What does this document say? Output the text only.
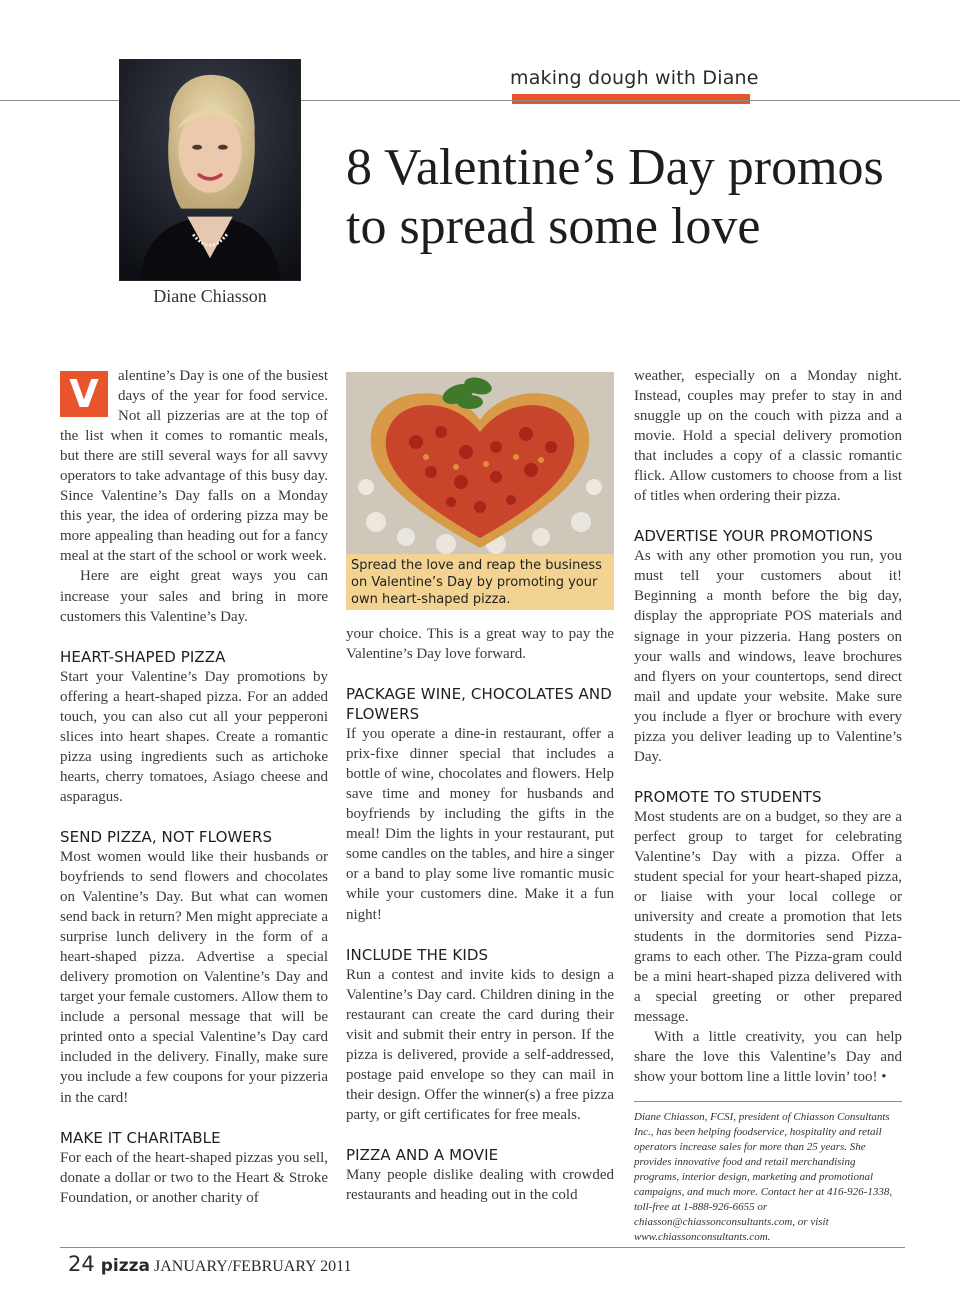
making dough with Diane
Diane Chiasson
8 Valentine’s Day promos to spread some love

V	alentine’s Day is one of the busiest days of the year for food service. Not all pizzerias are at the top of the list when it comes to romantic meals, but there are still several ways for all savvy operators to take advantage of this busy day. Since Valentine’s Day falls on a Monday this year, the idea of ordering pizza may be more appealing than heading out for a fancy meal at the start of the school or work week.

Here are eight great ways you can increase your sales and bring in more customers this Valentine’s Day.

HEART-SHAPED PIZZA

Start your Valentine’s Day promotions by offering a heart-shaped pizza. For an added touch, you can also cut all your pepperoni slices into heart shapes. Create a romantic pizza using ingredients such as artichoke hearts, cherry tomatoes, Asiago cheese and asparagus.

SEND PIZZA, NOT FLOWERS

Most women would like their husbands or boyfriends to send flowers and chocolates on Valentine’s Day. But what can women send back in return? Men might appreciate a surprise lunch delivery in the form of a heart-shaped pizza. Advertise a special delivery promotion on Valentine’s Day and target your female customers. Allow them to include a personal message that will be printed onto a special Valentine’s Day card included in the delivery. Finally, make sure you include a few coupons for your pizzeria in the card!

MAKE IT CHARITABLE

For each of the heart-shaped pizzas you sell, donate a dollar or two to the Heart & Stroke Foundation, or another charity of

Spread the love and reap the business on Valentine’s Day by promoting your own heart-shaped pizza.

your choice. This is a great way to pay the Valentine’s Day love forward.

PACKAGE WINE, CHOCOLATES AND FLOWERS

If you operate a dine-in restaurant, offer a prix-fixe dinner special that includes a bottle of wine, chocolates and flowers. Help save time and money for husbands and boyfriends by including the gifts in the meal! Dim the lights in your restaurant, put some candles on the tables, and hire a singer or a band to play some live romantic music while your customers dine. Make it a fun night!

INCLUDE THE KIDS

Run a contest and invite kids to design a Valentine’s Day card. Children dining in the restaurant can create the card during their visit and submit their entry in person. If the pizza is delivered, provide a self-addressed, postage paid envelope so they can mail in their design. Offer the winner(s) a free pizza party, or gift certificates for free meals.

PIZZA AND A MOVIE

Many people dislike dealing with crowded restaurants and heading out in the cold

weather, especially on a Monday night. Instead, couples may prefer to stay in and snuggle up on the couch with pizza and a movie. Hold a special delivery promotion that includes a copy of a classic romantic flick. Allow customers to choose from a list of titles when ordering their pizza.

ADVERTISE YOUR PROMOTIONS

As with any other promotion you run, you must tell your customers about it! Beginning a month before the big day, display the appropriate POS materials and signage in your pizzeria. Hang posters on your walls and windows, leave brochures and flyers on your countertops, send direct mail and update your website. Make sure you include a flyer or brochure with every pizza you deliver leading up to Valentine’s Day.

PROMOTE TO STUDENTS

Most students are on a budget, so they are a perfect group to target for celebrating Valentine’s Day with a pizza. Offer a student special for your heart-shaped pizza, or liaise with your local college or university and create a promotion that lets students in the dormitories send Pizza-grams to each other. The Pizza-gram could be a mini heart-shaped pizza delivered with a special greeting or other prepared message.

With a little creativity, you can help share the love this Valentine’s Day and show your bottom line a little lovin’ too! •

Diane Chiasson, FCSI, president of Chiasson Consultants Inc., has been helping foodservice, hospitality and retail operators increase sales for more than 25 years. She provides innovative food and retail merchandising programs, interior design, marketing and promotional campaigns, and much more. Contact her at 416-926-1338, toll-free at 1-888-926-6655 or chiasson@chiassonconsultants.com, or visit www.chiassonconsultants.com.
24 pizza JANUARY/FEBRUARY 2011
